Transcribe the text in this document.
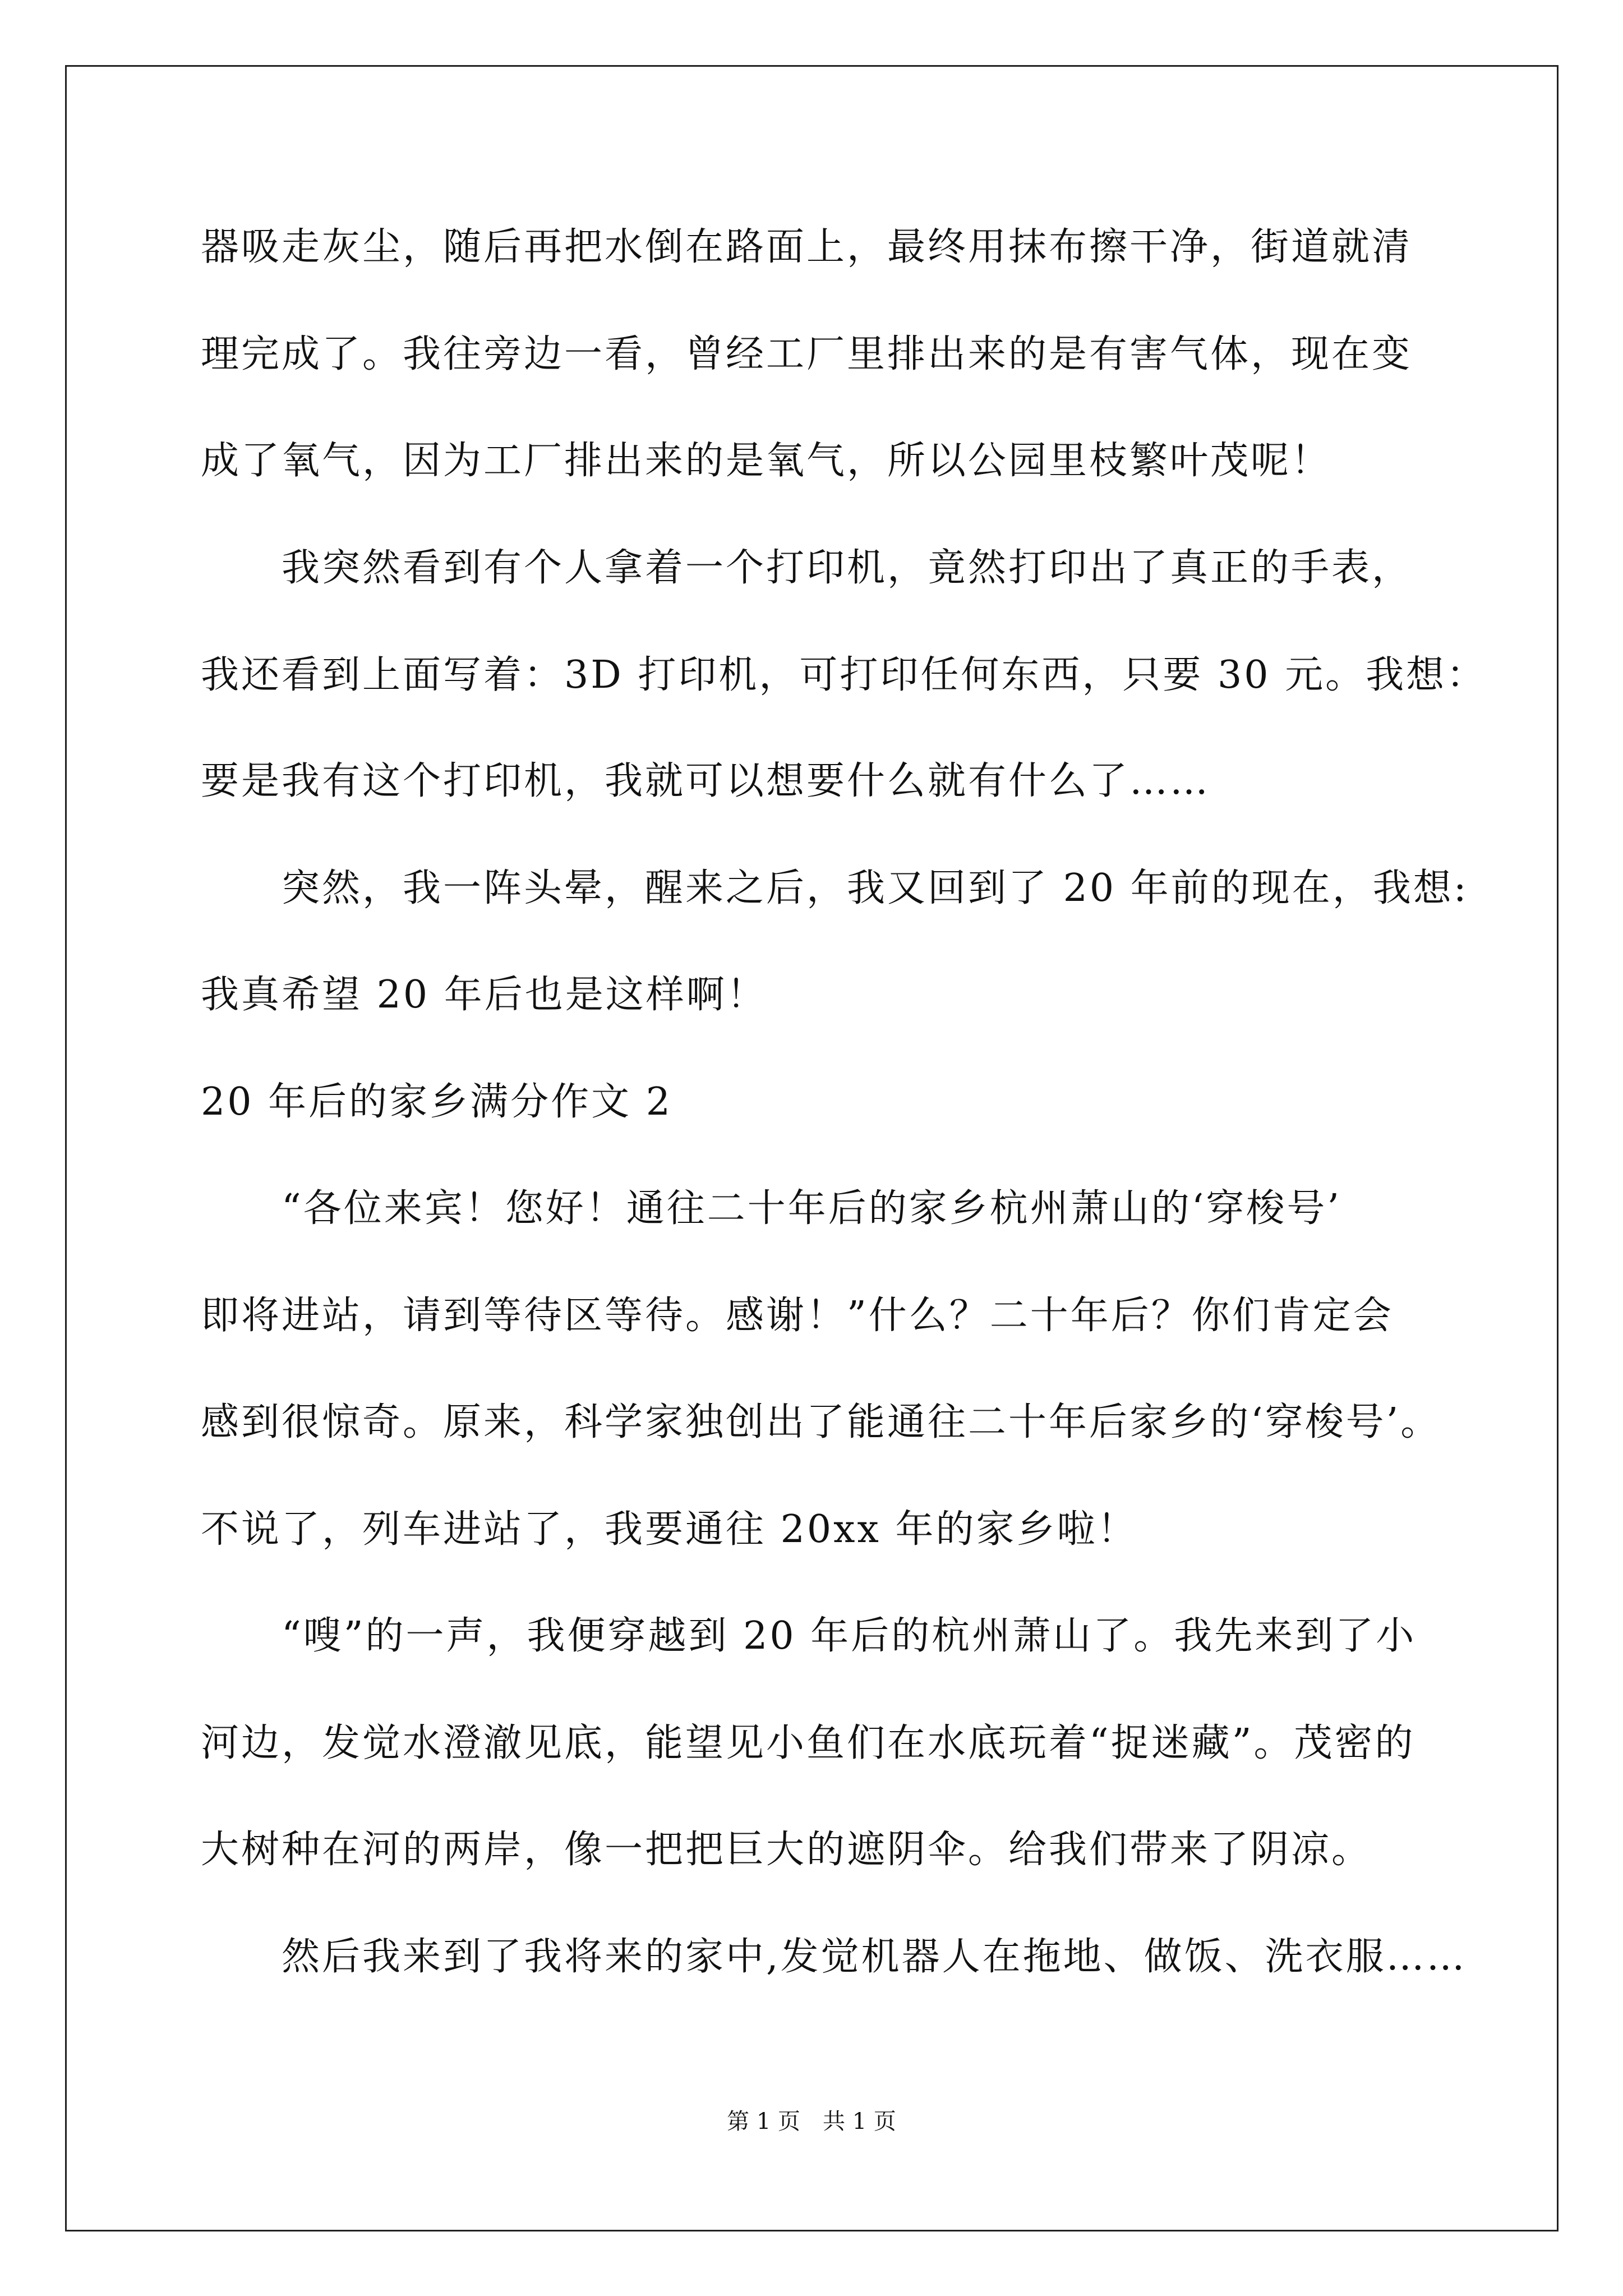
器吸走灰尘，随后再把水倒在路面上，最终用抹布擦干净，街道就清

理完成了。我往旁边一看，曾经工厂里排出来的是有害气体，现在变

成了氧气，因为工厂排出来的是氧气，所以公园里枝繁叶茂呢！

　　我突然看到有个人拿着一个打印机，竟然打印出了真正的手表，

我还看到上面写着：3D 打印机，可打印任何东西，只要 30 元。我想：

要是我有这个打印机，我就可以想要什么就有什么了……

　　突然，我一阵头晕，醒来之后，我又回到了 20 年前的现在，我想:

我真希望 20 年后也是这样啊！

20 年后的家乡满分作文 2

　　“各位来宾！您好！通往二十年后的家乡杭州萧山的‘穿梭号’

即将进站，请到等待区等待。感谢！”什么？二十年后？你们肯定会

感到很惊奇。原来，科学家独创出了能通往二十年后家乡的‘穿梭号’。

不说了，列车进站了，我要通往 20xx 年的家乡啦！

　　“嗖”的一声，我便穿越到 20 年后的杭州萧山了。我先来到了小

河边，发觉水澄澈见底，能望见小鱼们在水底玩着“捉迷藏”。茂密的

大树种在河的两岸，像一把把巨大的遮阴伞。给我们带来了阴凉。

　　然后我来到了我将来的家中,发觉机器人在拖地、做饭、洗衣服……

第 1 页　共 1 页
